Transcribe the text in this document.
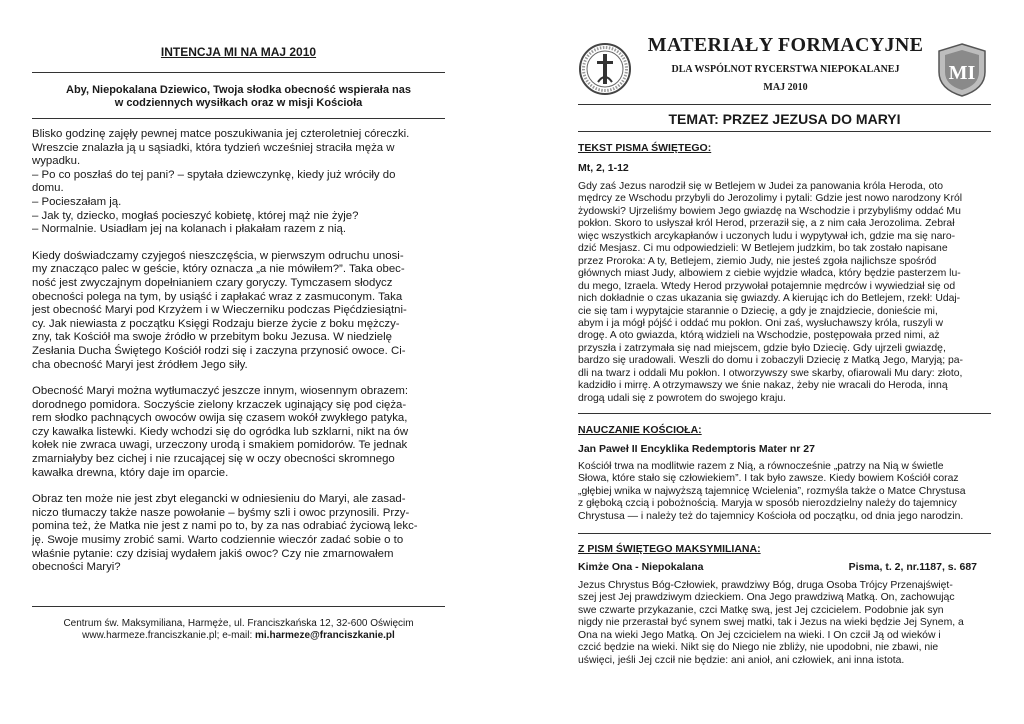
INTENCJA MI NA MAJ 2010
Aby, Niepokalana Dziewico, Twoja słodka obecność wspierała nas
w codziennych wysiłkach oraz w misji Kościoła

Blisko godzinę zajęły pewnej matce poszukiwania jej czteroletniej córeczki.
Wreszcie znalazła ją u sąsiadki, która tydzień wcześniej straciła męża w
wypadku.
– Po co poszłaś do tej pani? – spytała dziewczynkę, kiedy już wróciły do
domu.
– Pocieszałam ją.
– Jak ty, dziecko, mogłaś pocieszyć kobietę, której mąż nie żyje?
– Normalnie. Usiadłam jej na kolanach i płakałam razem z nią.

Kiedy doświadczamy czyjegoś nieszczęścia, w pierwszym odruchu unosi-
my znacząco palec w geście, który oznacza „a nie mówiłem?”. Taka obec-
ność jest zwyczajnym dopełnianiem czary goryczy. Tymczasem słodycz
obecności polega na tym, by usiąść i zapłakać wraz z zasmuconym. Taka
jest obecność Maryi pod Krzyżem i w Wieczerniku podczas Pięćdziesiątni-
cy. Jak niewiasta z początku Księgi Rodzaju bierze życie z boku mężczy-
zny, tak Kościół ma swoje źródło w przebitym boku Jezusa. W niedzielę
Zesłania Ducha Świętego Kościół rodzi się i zaczyna przynosić owoce. Ci-
cha obecność Maryi jest źródłem Jego siły.

Obecność Maryi można wytłumaczyć jeszcze innym, wiosennym obrazem:
dorodnego pomidora. Soczyście zielony krzaczek uginający się pod cięża-
rem słodko pachnących owoców owija się czasem wokół zwykłego patyka,
czy kawałka listewki. Kiedy wchodzi się do ogródka lub szklarni, nikt na ów
kołek nie zwraca uwagi, urzeczony urodą i smakiem pomidorów. Te jednak
zmarniałyby bez cichej i nie rzucającej się w oczy obecności skromnego
kawałka drewna, który daje im oparcie.

Obraz ten może nie jest zbyt elegancki w odniesieniu do Maryi, ale zasad-
niczo tłumaczy także nasze powołanie – byśmy szli i owoc przynosili. Przy-
pomina też, że Matka nie jest z nami po to, by za nas odrabiać życiową lekc-
ję. Swoje musimy zrobić sami. Warto codziennie wieczór zadać sobie o to
właśnie pytanie: czy dzisiaj wydałem jakiś owoc? Czy nie zmarnowałem
obecności Maryi?

Centrum św. Maksymiliana, Harmęże, ul. Franciszkańska 12, 32-600 Oświęcim
www.harmeze.franciszkanie.pl; e-mail: mi.harmeze@franciszkanie.pl
MATERIAŁY FORMACYJNE
DLA WSPÓLNOT RYCERSTWA NIEPOKALANEJ
MAJ 2010
MI
TEMAT: PRZEZ JEZUSA DO MARYI
TEKST PISMA ŚWIĘTEGO:
Mt, 2, 1-12
Gdy zaś Jezus narodził się w Betlejem w Judei za panowania króla Heroda, oto
mędrcy ze Wschodu przybyli do Jerozolimy i pytali: Gdzie jest nowo narodzony Król
żydowski? Ujrzeliśmy bowiem Jego gwiazdę na Wschodzie i przybyliśmy oddać Mu
pokłon. Skoro to usłyszał król Herod, przeraził się, a z nim cała Jerozolima. Zebrał
więc wszystkich arcykapłanów i uczonych ludu i wypytywał ich, gdzie ma się naro-
dzić Mesjasz. Ci mu odpowiedzieli: W Betlejem judzkim, bo tak zostało napisane
przez Proroka: A ty, Betlejem, ziemio Judy, nie jesteś zgoła najlichsze spośród
głównych miast Judy, albowiem z ciebie wyjdzie władca, który będzie pasterzem lu-
du mego, Izraela. Wtedy Herod przywołał potajemnie mędrców i wywiedział się od
nich dokładnie o czas ukazania się gwiazdy. A kierując ich do Betlejem, rzekł: Udaj-
cie się tam i wypytajcie starannie o Dziecię, a gdy je znajdziecie, donieście mi,
abym i ja mógł pójść i oddać mu pokłon. Oni zaś, wysłuchawszy króla, ruszyli w
drogę. A oto gwiazda, którą widzieli na Wschodzie, postępowała przed nimi, aż
przyszła i zatrzymała się nad miejscem, gdzie było Dziecię. Gdy ujrzeli gwiazdę,
bardzo się uradowali. Weszli do domu i zobaczyli Dziecię z Matką Jego, Maryją; pa-
dli na twarz i oddali Mu pokłon. I otworzywszy swe skarby, ofiarowali Mu dary: złoto,
kadzidło i mirrę. A otrzymawszy we śnie nakaz, żeby nie wracali do Heroda, inną
drogą udali się z powrotem do swojego kraju.
NAUCZANIE KOŚCIOŁA:
Jan Paweł II Encyklika Redemptoris Mater nr 27
Kościół trwa na modlitwie razem z Nią, a równocześnie „patrzy na Nią w świetle
Słowa, które stało się człowiekiem”. I tak było zawsze. Kiedy bowiem Kościół coraz
„głębiej wnika w najwyższą tajemnicę Wcielenia”, rozmyśla także o Matce Chrystusa
z głęboką czcią i pobożnością. Maryja w sposób nierozdzielny należy do tajemnicy
Chrystusa — i należy też do tajemnicy Kościoła od początku, od dnia jego narodzin.
Z PISM ŚWIĘTEGO MAKSYMILIANA:
Kimże Ona - Niepokalana	Pisma, t. 2, nr.1187, s. 687
Jezus Chrystus Bóg-Człowiek, prawdziwy Bóg, druga Osoba Trójcy Przenajświęt-
szej jest Jej prawdziwym dzieckiem. Ona Jego prawdziwą Matką. On, zachowując
swe czwarte przykazanie, czci Matkę swą, jest Jej czcicielem. Podobnie jak syn
nigdy nie przerastał być synem swej matki, tak i Jezus na wieki będzie Jej Synem, a
Ona na wieki Jego Matką. On Jej czcicielem na wieki. I On czcił Ją od wieków i
czcić będzie na wieki. Nikt się do Niego nie zbliży, nie upodobni, nie zbawi, nie
uświęci, jeśli Jej czcił nie będzie: ani anioł, ani człowiek, ani inna istota.
